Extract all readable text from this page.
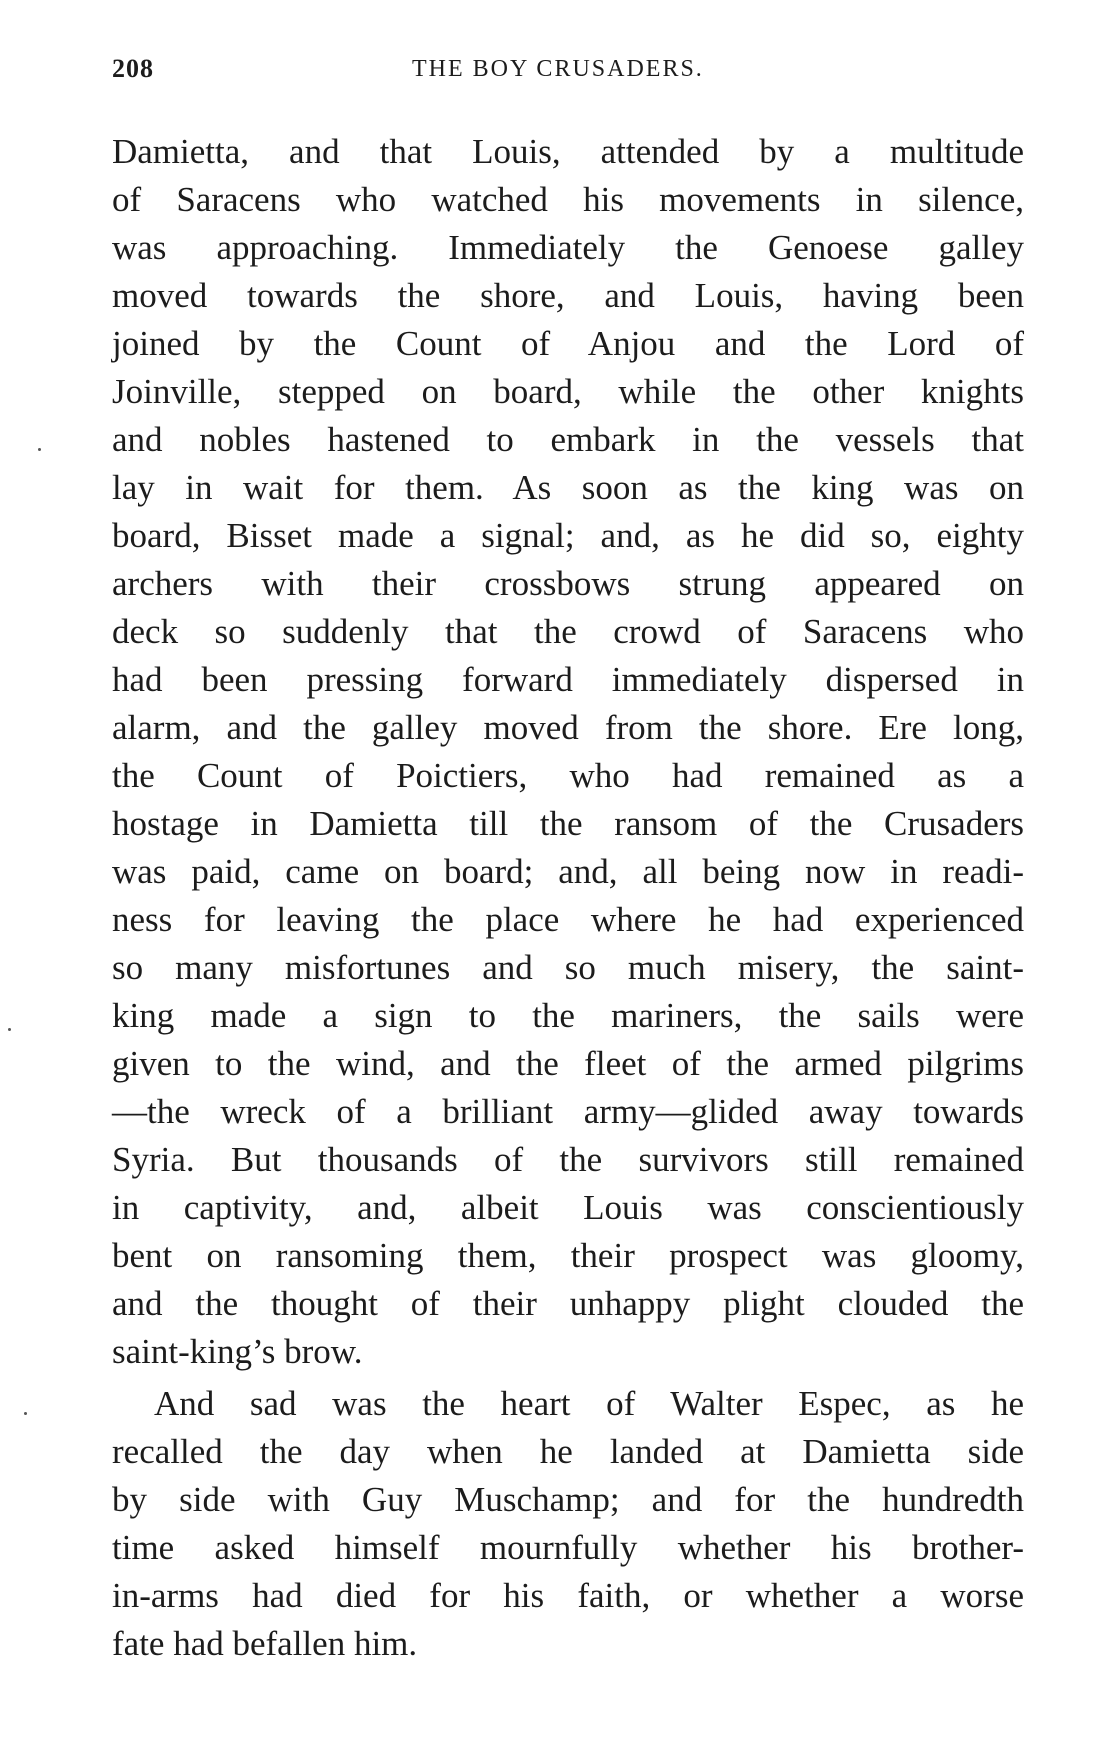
208	THE BOY CRUSADERS.
Damietta, and that Louis, attended by a multitude
of Saracens who watched his movements in silence,
was approaching. Immediately the Genoese galley
moved towards the shore, and Louis, having been
joined by the Count of Anjou and the Lord of
Joinville, stepped on board, while the other knights
and nobles hastened to embark in the vessels that
lay in wait for them. As soon as the king was on
board, Bisset made a signal; and, as he did so, eighty
archers with their crossbows strung appeared on
deck so suddenly that the crowd of Saracens who
had been pressing forward immediately dispersed in
alarm, and the galley moved from the shore. Ere long,
the Count of Poictiers, who had remained as a
hostage in Damietta till the ransom of the Crusaders
was paid, came on board; and, all being now in readi-
ness for leaving the place where he had experienced
so many misfortunes and so much misery, the saint-
king made a sign to the mariners, the sails were
given to the wind, and the fleet of the armed pilgrims
—the wreck of a brilliant army—glided away towards
Syria. But thousands of the survivors still remained
in captivity, and, albeit Louis was conscientiously
bent on ransoming them, their prospect was gloomy,
and the thought of their unhappy plight clouded the
saint-king’s brow.
And sad was the heart of Walter Espec, as he
recalled the day when he landed at Damietta side
by side with Guy Muschamp; and for the hundredth
time asked himself mournfully whether his brother-
in-arms had died for his faith, or whether a worse
fate had befallen him.
